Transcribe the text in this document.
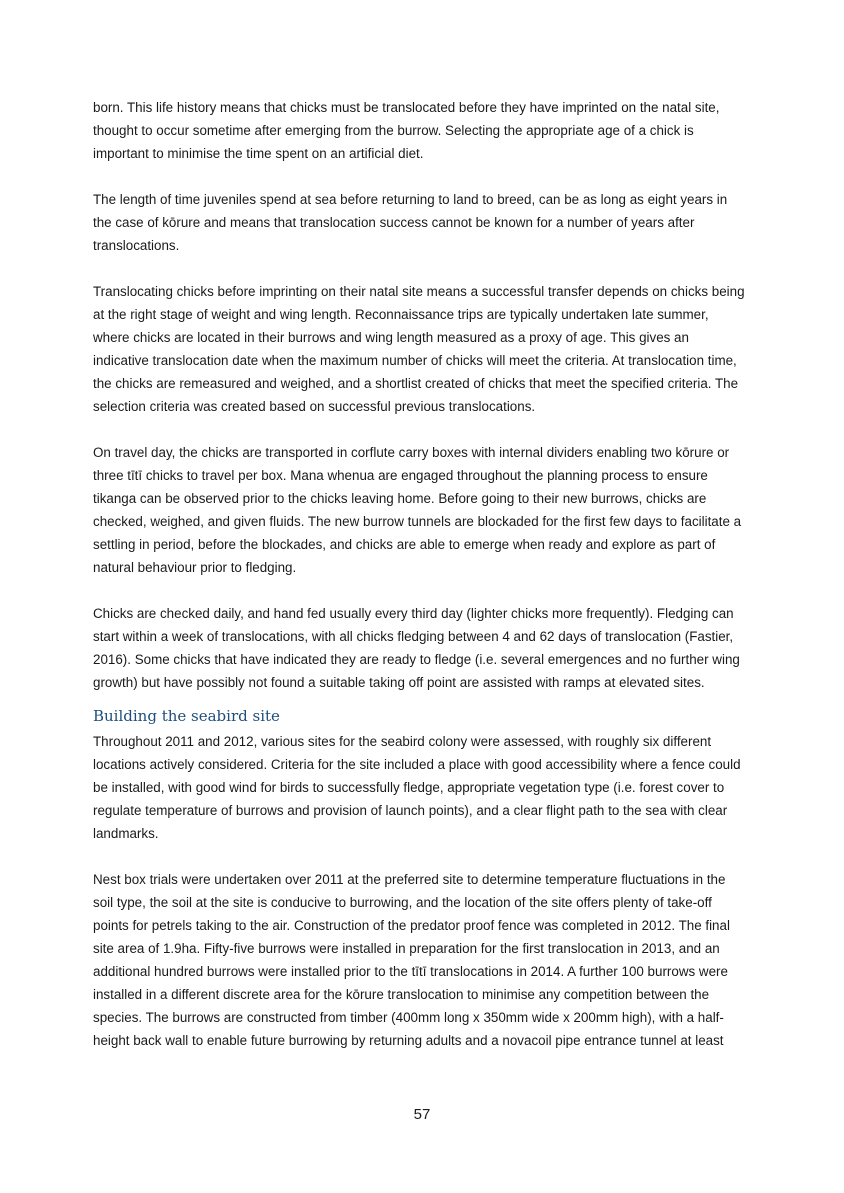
born. This life history means that chicks must be translocated before they have imprinted on the natal site, thought to occur sometime after emerging from the burrow. Selecting the appropriate age of a chick is important to minimise the time spent on an artificial diet.

The length of time juveniles spend at sea before returning to land to breed, can be as long as eight years in the case of kōrure and means that translocation success cannot be known for a number of years after translocations.

Translocating chicks before imprinting on their natal site means a successful transfer depends on chicks being at the right stage of weight and wing length. Reconnaissance trips are typically undertaken late summer, where chicks are located in their burrows and wing length measured as a proxy of age. This gives an indicative translocation date when the maximum number of chicks will meet the criteria. At translocation time, the chicks are remeasured and weighed, and a shortlist created of chicks that meet the specified criteria. The selection criteria was created based on successful previous translocations.

On travel day, the chicks are transported in corflute carry boxes with internal dividers enabling two kōrure or three tītī chicks to travel per box. Mana whenua are engaged throughout the planning process to ensure tikanga can be observed prior to the chicks leaving home. Before going to their new burrows, chicks are checked, weighed, and given fluids. The new burrow tunnels are blockaded for the first few days to facilitate a settling in period, before the blockades, and chicks are able to emerge when ready and explore as part of natural behaviour prior to fledging.

Chicks are checked daily, and hand fed usually every third day (lighter chicks more frequently). Fledging can start within a week of translocations, with all chicks fledging between 4 and 62 days of translocation (Fastier, 2016). Some chicks that have indicated they are ready to fledge (i.e. several emergences and no further wing growth) but have possibly not found a suitable taking off point are assisted with ramps at elevated sites.

Building the seabird site

Throughout 2011 and 2012, various sites for the seabird colony were assessed, with roughly six different locations actively considered. Criteria for the site included a place with good accessibility where a fence could be installed, with good wind for birds to successfully fledge, appropriate vegetation type (i.e. forest cover to regulate temperature of burrows and provision of launch points), and a clear flight path to the sea with clear landmarks.

Nest box trials were undertaken over 2011 at the preferred site to determine temperature fluctuations in the soil type, the soil at the site is conducive to burrowing, and the location of the site offers plenty of take-off points for petrels taking to the air. Construction of the predator proof fence was completed in 2012. The final site area of 1.9ha. Fifty-five burrows were installed in preparation for the first translocation in 2013, and an additional hundred burrows were installed prior to the tītī translocations in 2014. A further 100 burrows were installed in a different discrete area for the kōrure translocation to minimise any competition between the species. The burrows are constructed from timber (400mm long x 350mm wide x 200mm high), with a half-height back wall to enable future burrowing by returning adults and a novacoil pipe entrance tunnel at least

57
